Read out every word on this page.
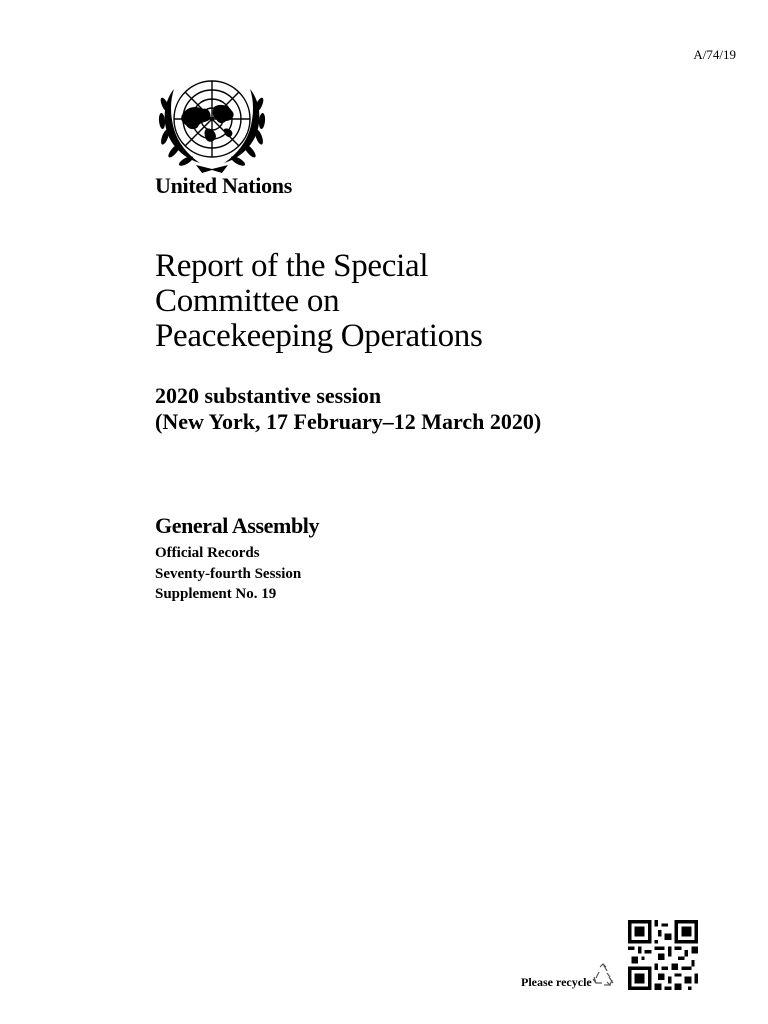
A/74/19
United Nations
Report of the Special
Committee on
Peacekeeping Operations
2020 substantive session
(New York, 17 February–12 March 2020)
General Assembly
Official Records
Seventy-fourth Session
Supplement No. 19
Please recycle
